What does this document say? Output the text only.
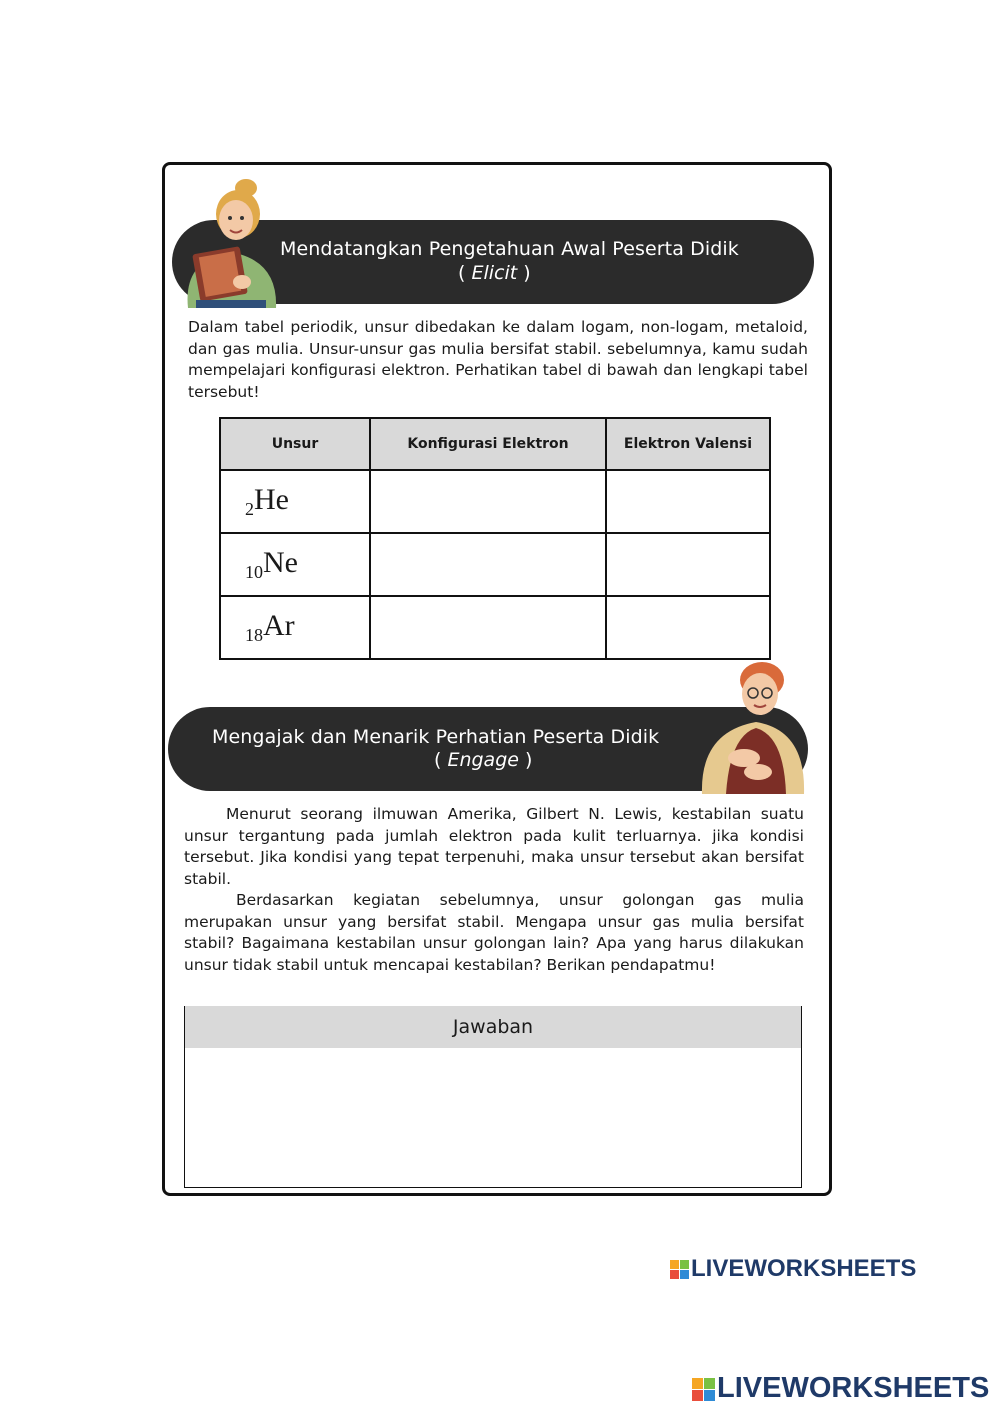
Mendatangkan Pengetahuan Awal Peserta Didik
( Elicit )
Dalam tabel periodik, unsur dibedakan ke dalam logam, non-logam, metaloid, dan gas mulia. Unsur-unsur gas mulia bersifat stabil. sebelumnya, kamu sudah mempelajari konfigurasi elektron. Perhatikan tabel di bawah dan lengkapi tabel tersebut!
Unsur	Konfigurasi Elektron	Elektron Valensi
$_2$He		
$_{10}$Ne		
$_{18}$Ar		
Mengajak dan Menarik Perhatian Peserta Didik
( Engage )
Menurut seorang ilmuwan Amerika, Gilbert N. Lewis, kestabilan suatu unsur tergantung pada jumlah elektron pada kulit terluarnya. jika kondisi tersebut. Jika kondisi yang tepat terpenuhi, maka unsur tersebut akan bersifat stabil.
Berdasarkan kegiatan sebelumnya, unsur golongan gas mulia merupakan unsur yang bersifat stabil. Mengapa unsur gas mulia bersifat stabil? Bagaimana kestabilan unsur golongan lain? Apa yang harus dilakukan unsur tidak stabil untuk mencapai kestabilan? Berikan pendapatmu!
Jawaban
LIVEWORKSHEETS
LIVEWORKSHEETS
